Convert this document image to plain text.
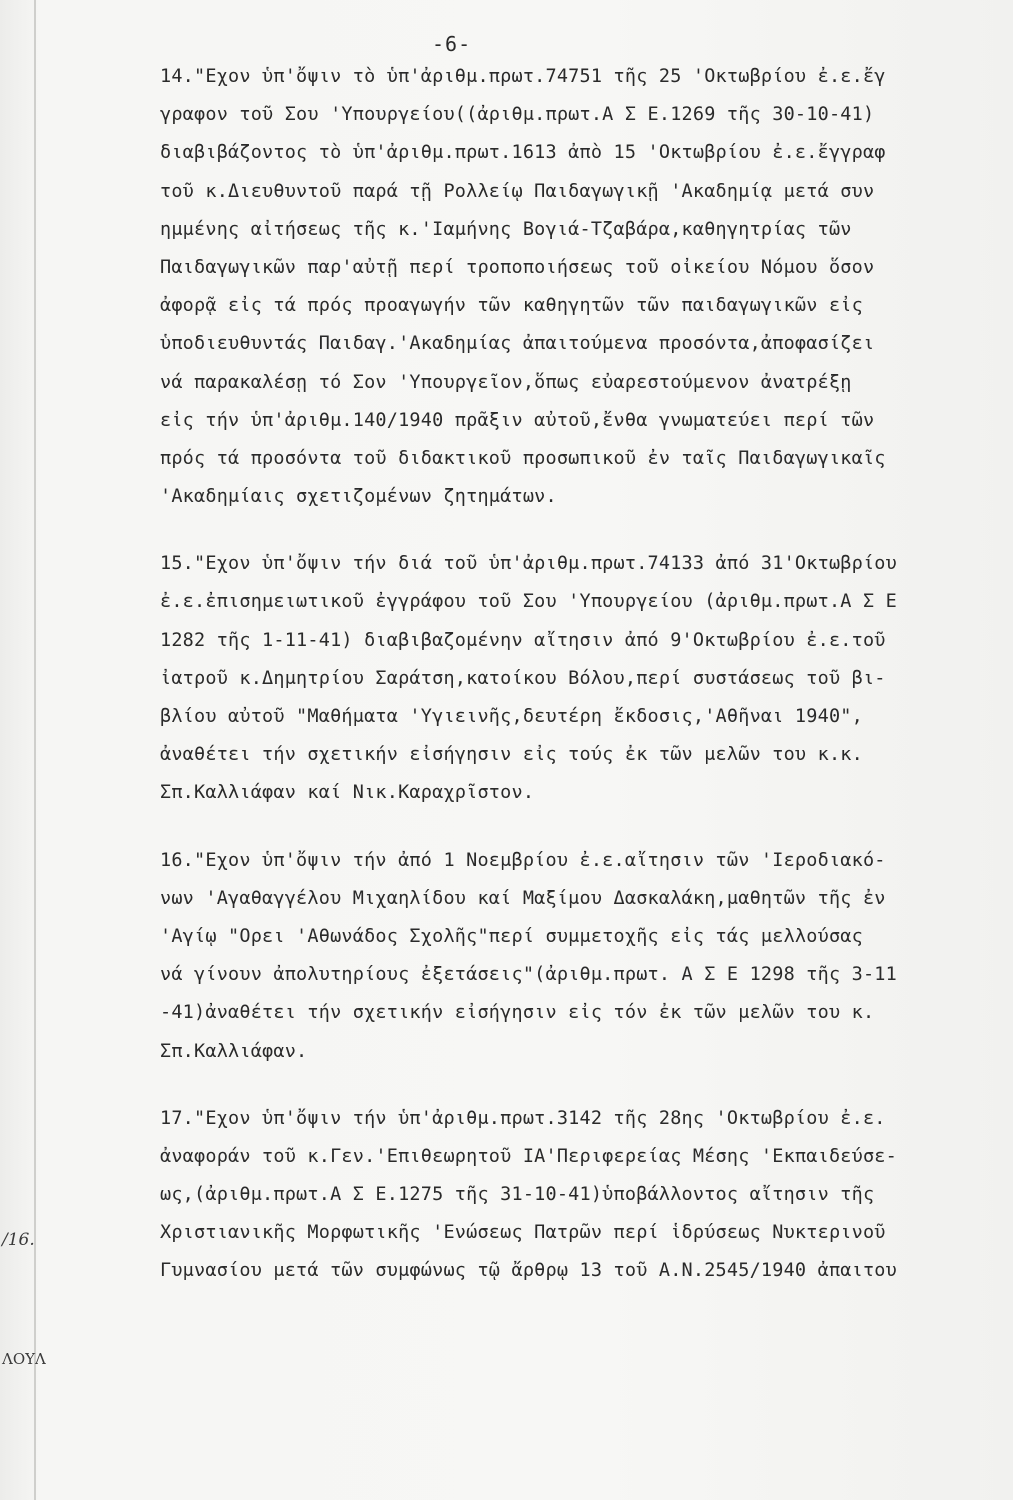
-6-
14."Εχον ὑπ'ὄψιν τὸ ὑπ'ἀριθμ.πρωτ.74751 τῆς 25 'Οκτωβρίου ἐ.ε.ἔγ
γραφον τοῦ Σου 'Υπουργείου((ἀριθμ.πρωτ.Α Σ Ε.1269 τῆς 30-10-41)
διαβιβάζοντος τὸ ὑπ'ἀριθμ.πρωτ.1613 ἀπὸ 15 'Οκτωβρίου ἐ.ε.ἔγγραφ
τοῦ κ.Διευθυντοῦ παρά τῇ Ρολλείῳ Παιδαγωγικῇ 'Ακαδημίᾳ μετά συν
ημμένης αἰτήσεως τῆς κ.'Ιαμήνης Βογιά-Τζαβάρα,καθηγητρίας τῶν
Παιδαγωγικῶν παρ'αὐτῇ περί τροποποιήσεως τοῦ οἰκείου Νόμου ὅσον
ἀφορᾷ εἰς τά πρός προαγωγήν τῶν καθηγητῶν τῶν παιδαγωγικῶν εἰς
ὑποδιευθυντάς Παιδαγ.'Ακαδημίας ἀπαιτούμενα προσόντα,ἀποφασίζει
νά παρακαλέσῃ τό Σον 'Υπουργεῖον,ὅπως εὐαρεστούμενον ἀνατρέξῃ
εἰς τήν ὑπ'ἀριθμ.140/1940 πρᾶξιν αὐτοῦ,ἔνθα γνωματεύει περί τῶν
πρός τά προσόντα τοῦ διδακτικοῦ προσωπικοῦ ἐν ταῖς Παιδαγωγικαῖς
'Ακαδημίαις σχετιζομένων ζητημάτων.
15."Εχον ὑπ'ὄψιν τήν διά τοῦ ὑπ'ἀριθμ.πρωτ.74133 ἀπό 31'Οκτωβρίου
ἐ.ε.ἐπισημειωτικοῦ ἐγγράφου τοῦ Σου 'Υπουργείου (ἀριθμ.πρωτ.Α Σ Ε
1282 τῆς 1-11-41) διαβιβαζομένην αἴτησιν ἀπό 9'Οκτωβρίου ἐ.ε.τοῦ
ἰατροῦ κ.Δημητρίου Σαράτση,κατοίκου Βόλου,περί συστάσεως τοῦ βι-
βλίου αὐτοῦ "Μαθήματα 'Υγιεινῆς,δευτέρη ἔκδοσις,'Αθῆναι 1940",
ἀναθέτει τήν σχετικήν εἰσήγησιν εἰς τούς ἐκ τῶν μελῶν του κ.κ.
Σπ.Καλλιάφαν καί Νικ.Καραχρῖστον.
16."Εχον ὑπ'ὄψιν τήν ἀπό 1 Νοεμβρίου ἐ.ε.αἴτησιν τῶν 'Ιεροδιακό-
νων 'Αγαθαγγέλου Μιχαηλίδου καί Μαξίμου Δασκαλάκη,μαθητῶν τῆς ἐν
'Αγίῳ "Ορει 'Αθωνάδος Σχολῆς"περί συμμετοχῆς εἰς τάς μελλούσας
νά γίνουν ἀπολυτηρίους ἐξετάσεις"(ἀριθμ.πρωτ. Α Σ Ε 1298 τῆς 3-11
-41)ἀναθέτει τήν σχετικήν εἰσήγησιν εἰς τόν ἐκ τῶν μελῶν του κ.
Σπ.Καλλιάφαν.
17."Εχον ὑπ'ὄψιν τήν ὑπ'ἀριθμ.πρωτ.3142 τῆς 28ης 'Οκτωβρίου ἐ.ε.
ἀναφοράν τοῦ κ.Γεν.'Επιθεωρητοῦ ΙΑ'Περιφερείας Μέσης 'Εκπαιδεύσε-
ως,(ἀριθμ.πρωτ.Α Σ Ε.1275 τῆς 31-10-41)ὑποβάλλοντος αἴτησιν τῆς
Χριστιανικῆς Μορφωτικῆς 'Ενώσεως Πατρῶν περί ἱδρύσεως Νυκτερινοῦ
Γυμνασίου μετά τῶν συμφώνως τῷ ἄρθρῳ 13 τοῦ Α.Ν.2545/1940 ἀπαιτου
/16.
ΛΟΥΛ
